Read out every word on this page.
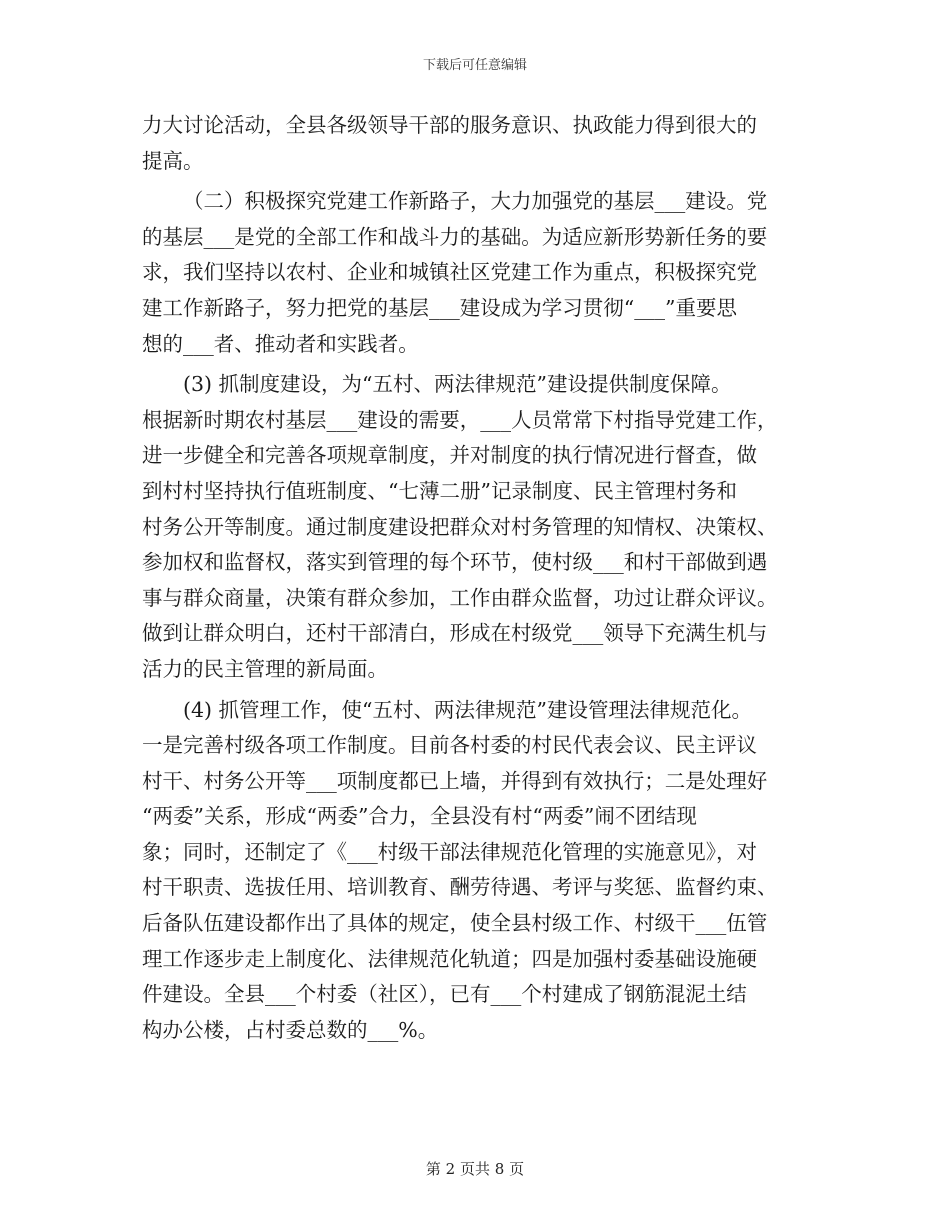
下载后可任意编辑
力大讨论活动，全县各级领导干部的服务意识、执政能力得到很大的
提高。
（二）积极探究党建工作新路子，大力加强党的基层___建设。党
的基层___是党的全部工作和战斗力的基础。为适应新形势新任务的要
求，我们坚持以农村、企业和城镇社区党建工作为重点，积极探究党
建工作新路子，努力把党的基层___建设成为学习贯彻“___”重要思
想的___者、推动者和实践者。
(3) 抓制度建设，为“五村、两法律规范”建设提供制度保障。
根据新时期农村基层___建设的需要，___人员常常下村指导党建工作，
进一步健全和完善各项规章制度，并对制度的执行情况进行督查，做
到村村坚持执行值班制度、“七薄二册”记录制度、民主管理村务和
村务公开等制度。通过制度建设把群众对村务管理的知情权、决策权、
参加权和监督权，落实到管理的每个环节，使村级___和村干部做到遇
事与群众商量，决策有群众参加，工作由群众监督，功过让群众评议。
做到让群众明白，还村干部清白，形成在村级党___领导下充满生机与
活力的民主管理的新局面。
(4) 抓管理工作，使“五村、两法律规范”建设管理法律规范化。
一是完善村级各项工作制度。目前各村委的村民代表会议、民主评议
村干、村务公开等___项制度都已上墙，并得到有效执行；二是处理好
“两委”关系，形成“两委”合力，全县没有村“两委”闹不团结现
象；同时，还制定了《___村级干部法律规范化管理的实施意见》，对
村干职责、选拔任用、培训教育、酬劳待遇、考评与奖惩、监督约束、
后备队伍建设都作出了具体的规定，使全县村级工作、村级干___伍管
理工作逐步走上制度化、法律规范化轨道；四是加强村委基础设施硬
件建设。全县___个村委（社区），已有___个村建成了钢筋混泥土结
构办公楼，占村委总数的___%。
第 2 页共 8 页
